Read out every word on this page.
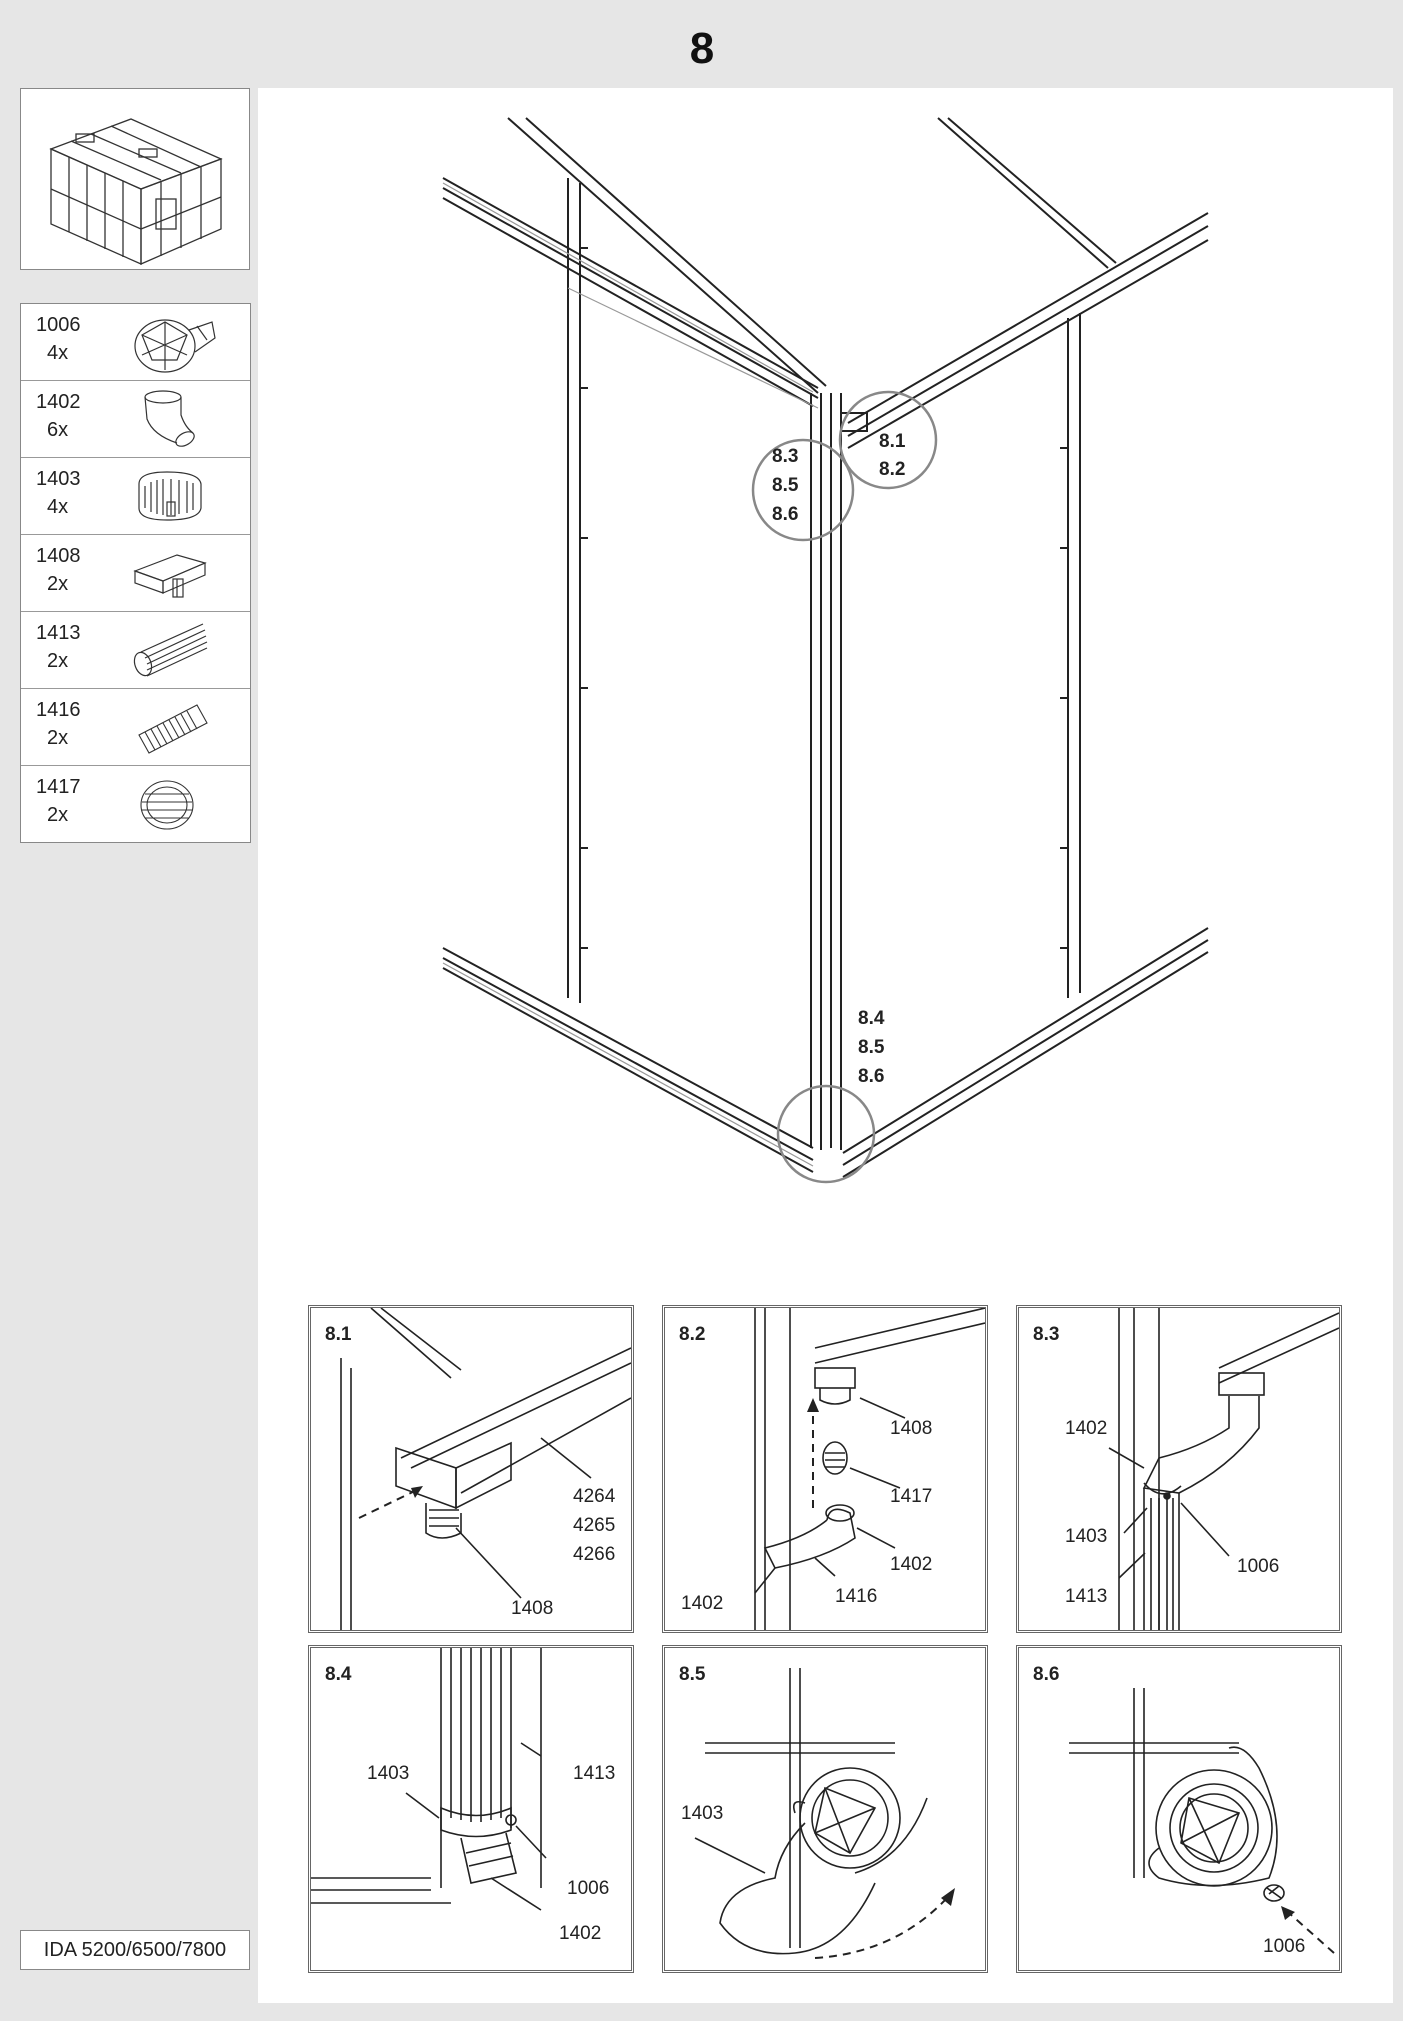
8
1006
4x
1402
6x
1403
4x
1408
2x
1413
2x
1416
2x
1417
2x
IDA 5200/6500/7800
8.1
8.2
8.3
8.5
8.6
8.4
8.5
8.6
8.1
4264
4265
4266
1408
8.2
1408
1417
1402
1402	1416
8.3
1402
1403
1006
1413
8.4
1403	1413
1006
1402
8.5
1403
8.6
1006
